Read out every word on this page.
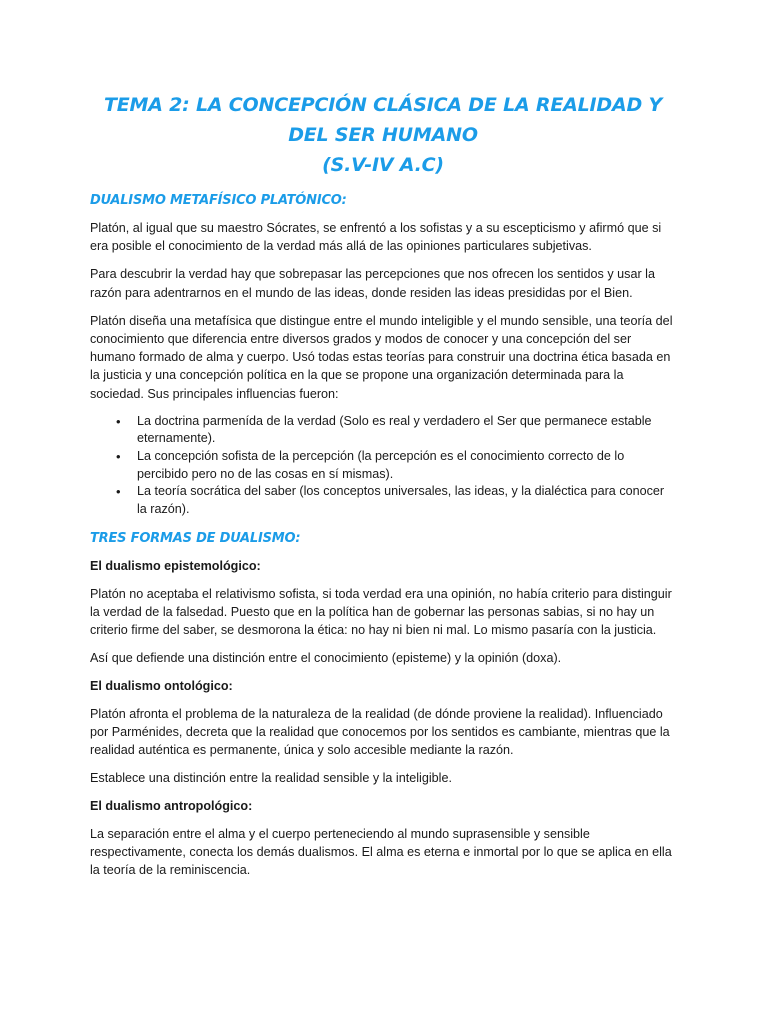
TEMA 2: LA CONCEPCIÓN CLÁSICA DE LA REALIDAD Y DEL SER HUMANO
(S.V-IV A.C)
DUALISMO METAFÍSICO PLATÓNICO:

Platón, al igual que su maestro Sócrates, se enfrentó a los sofistas y a su escepticismo y afirmó que si era posible el conocimiento de la verdad más allá de las opiniones particulares subjetivas.

Para descubrir la verdad hay que sobrepasar las percepciones que nos ofrecen los sentidos y usar la razón para adentrarnos en el mundo de las ideas, donde residen las ideas presididas por el Bien.

Platón diseña una metafísica que distingue entre el mundo inteligible y el mundo sensible, una teoría del conocimiento que diferencia entre diversos grados y modos de conocer y una concepción del ser humano formado de alma y cuerpo. Usó todas estas teorías para construir una doctrina ética basada en la justicia y una concepción política en la que se propone una organización determinada para la sociedad. Sus principales influencias fueron:

• La doctrina parmenída de la verdad (Solo es real y verdadero el Ser que permanece estable eternamente).
• La concepción sofista de la percepción (la percepción es el conocimiento correcto de lo percibido pero no de las cosas en sí mismas).
• La teoría socrática del saber (los conceptos universales, las ideas, y la dialéctica para conocer la razón).
TRES FORMAS DE DUALISMO:

El dualismo epistemológico:

Platón no aceptaba el relativismo sofista, si toda verdad era una opinión, no había criterio para distinguir la verdad de la falsedad. Puesto que en la política han de gobernar las personas sabias, si no hay un criterio firme del saber, se desmorona la ética: no hay ni bien ni mal. Lo mismo pasaría con la justicia.

Así que defiende una distinción entre el conocimiento (episteme) y la opinión (doxa).

El dualismo ontológico:

Platón afronta el problema de la naturaleza de la realidad (de dónde proviene la realidad). Influenciado por Parménides, decreta que la realidad que conocemos por los sentidos es cambiante, mientras que la realidad auténtica es permanente, única y solo accesible mediante la razón.

Establece una distinción entre la realidad sensible y la inteligible.

El dualismo antropológico:

La separación entre el alma y el cuerpo perteneciendo al mundo suprasensible y sensible respectivamente, conecta los demás dualismos. El alma es eterna e inmortal por lo que se aplica en ella la teoría de la reminiscencia.
